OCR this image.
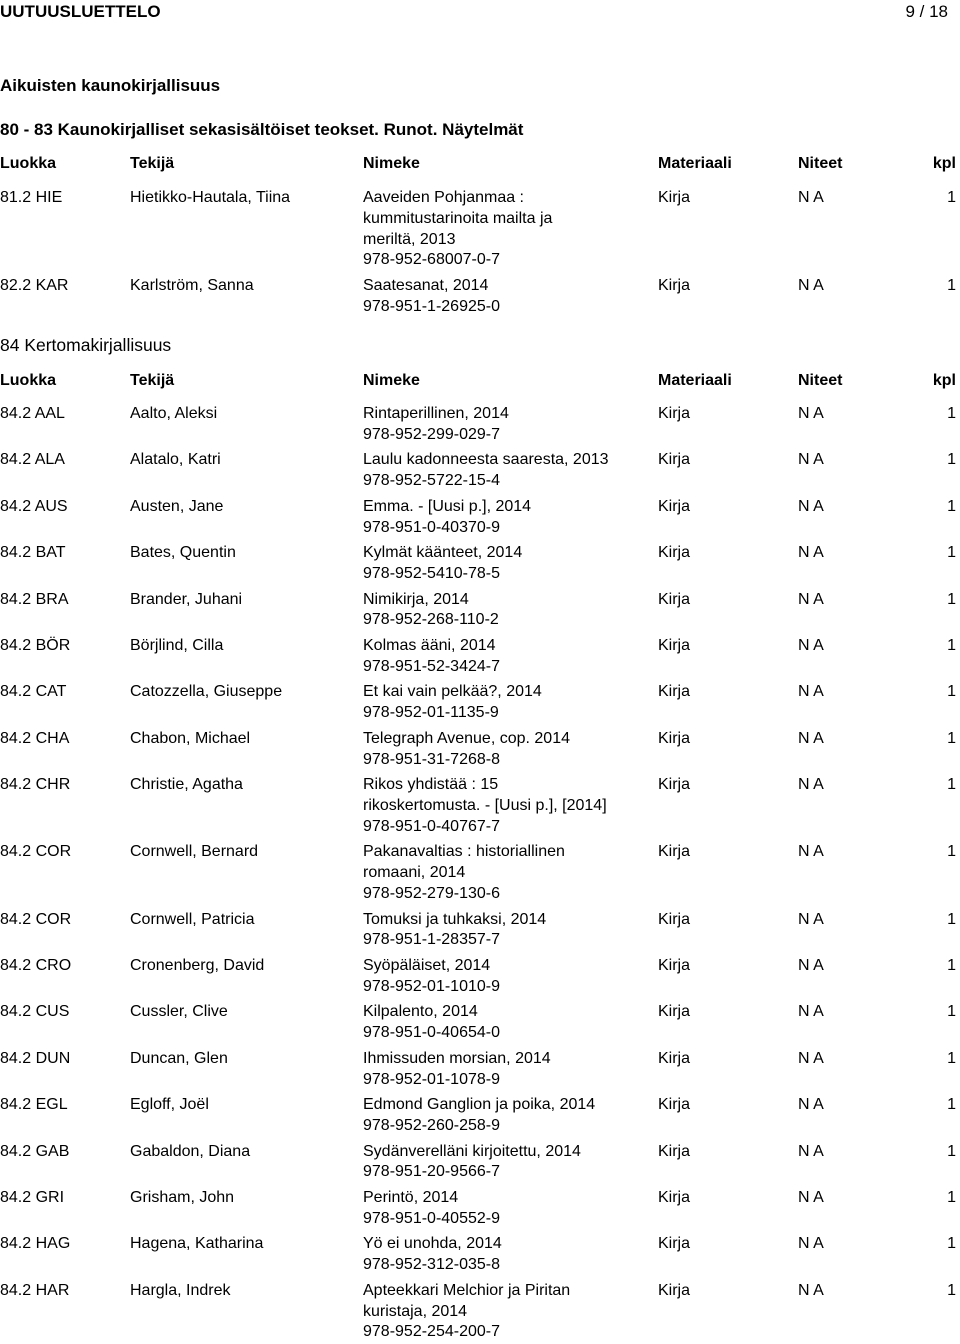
UUTUUSLUETTELO	9 / 18
Aikuisten kaunokirjallisuus
80 - 83 Kaunokirjalliset sekasisältöiset teokset. Runot. Näytelmät
Luokka	Tekijä	Nimeke	Materiaali	Niteet	kpl
81.2 HIE	Hietikko-Hautala, Tiina	Aaveiden Pohjanmaa :
kummitustarinoita mailta ja
meriltä, 2013
978-952-68007-0-7
Kirja	N A	1
82.2 KAR	Karlström, Sanna	Saatesanat, 2014
978-951-1-26925-0
Kirja	N A	1
84 Kertomakirjallisuus
Luokka	Tekijä	Nimeke	Materiaali	Niteet	kpl
84.2 AAL	Aalto, Aleksi	Rintaperillinen, 2014
978-952-299-029-7
Kirja	N A	1
84.2 ALA	Alatalo, Katri	Laulu kadonneesta saaresta, 2013
978-952-5722-15-4
Kirja	N A	1
84.2 AUS	Austen, Jane	Emma. - [Uusi p.], 2014
978-951-0-40370-9
Kirja	N A	1
84.2 BAT	Bates, Quentin	Kylmät käänteet, 2014
978-952-5410-78-5
Kirja	N A	1
84.2 BRA	Brander, Juhani	Nimikirja, 2014
978-952-268-110-2
Kirja	N A	1
84.2 BÖR	Börjlind, Cilla	Kolmas ääni, 2014
978-951-52-3424-7
Kirja	N A	1
84.2 CAT	Catozzella, Giuseppe	Et kai vain pelkää?, 2014
978-952-01-1135-9
Kirja	N A	1
84.2 CHA	Chabon, Michael	Telegraph Avenue, cop. 2014
978-951-31-7268-8
Kirja	N A	1
84.2 CHR	Christie, Agatha	Rikos yhdistää : 15
rikoskertomusta. - [Uusi p.], [2014]
978-951-0-40767-7
Kirja	N A	1
84.2 COR	Cornwell, Bernard	Pakanavaltias : historiallinen
romaani, 2014
978-952-279-130-6
Kirja	N A	1
84.2 COR	Cornwell, Patricia	Tomuksi ja tuhkaksi, 2014
978-951-1-28357-7
Kirja	N A	1
84.2 CRO	Cronenberg, David	Syöpäläiset, 2014
978-952-01-1010-9
Kirja	N A	1
84.2 CUS	Cussler, Clive	Kilpalento, 2014
978-951-0-40654-0
Kirja	N A	1
84.2 DUN	Duncan, Glen	Ihmissuden morsian, 2014
978-952-01-1078-9
Kirja	N A	1
84.2 EGL	Egloff, Joël	Edmond Ganglion ja poika, 2014
978-952-260-258-9
Kirja	N A	1
84.2 GAB	Gabaldon, Diana	Sydänverelläni kirjoitettu, 2014
978-951-20-9566-7
Kirja	N A	1
84.2 GRI	Grisham, John	Perintö, 2014
978-951-0-40552-9
Kirja	N A	1
84.2 HAG	Hagena, Katharina	Yö ei unohda, 2014
978-952-312-035-8
Kirja	N A	1
84.2 HAR	Hargla, Indrek	Apteekkari Melchior ja Piritan
kuristaja, 2014
978-952-254-200-7
Kirja	N A	1
